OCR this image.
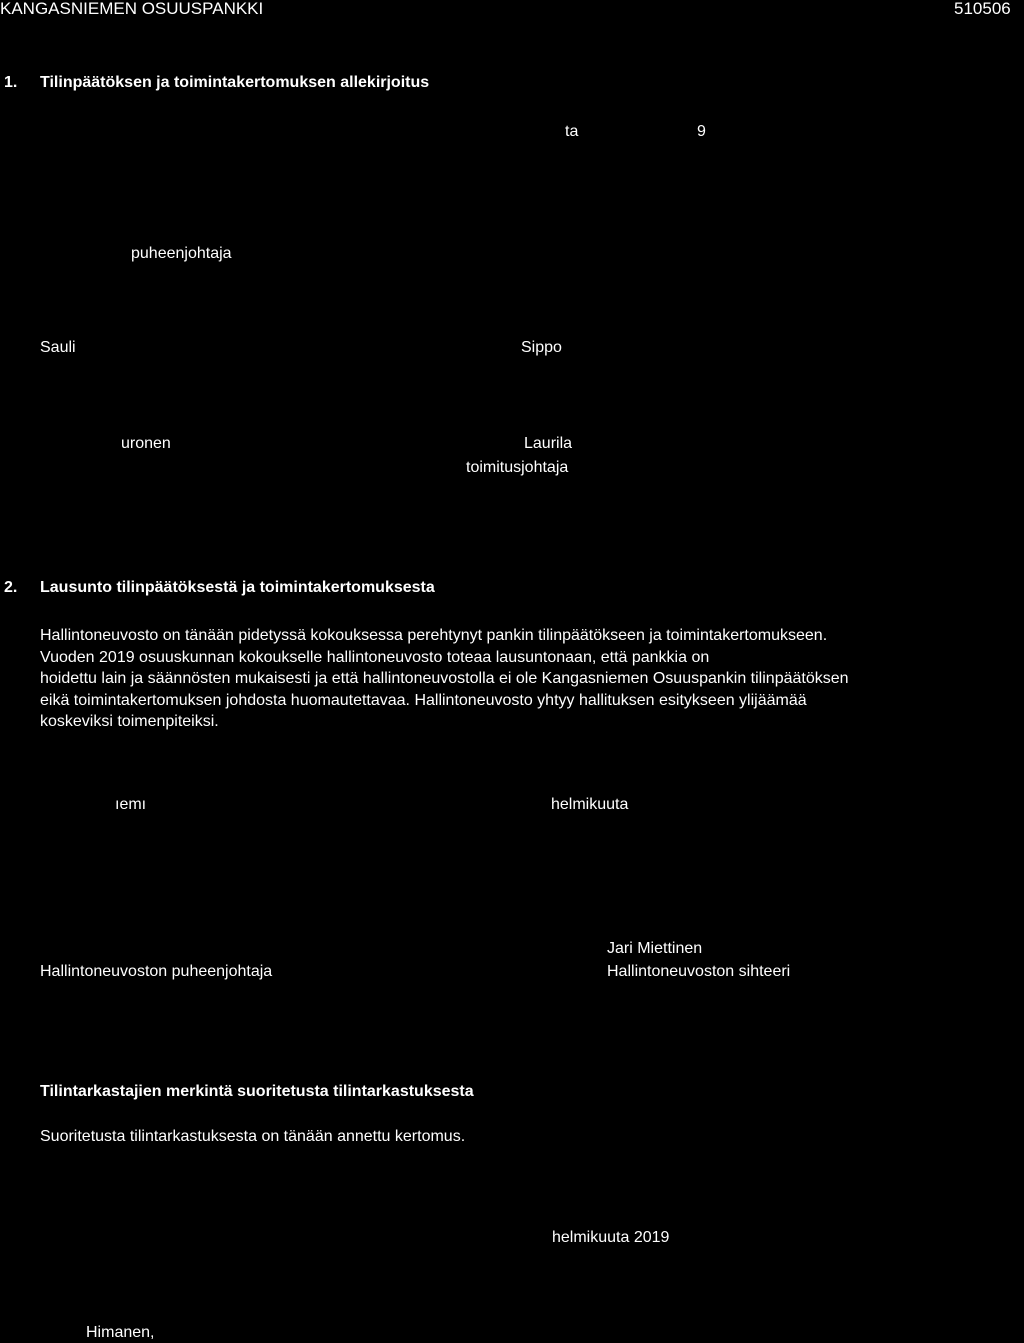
KANGASNIEMEN OSUUSPANKKI	510506
1. Tilinpäätöksen ja toimintakertomuksen allekirjoitus
ta	9
puheenjohtaja
Sauli	Sippo
uronen	Laurila
toimitusjohtaja
2. Lausunto tilinpäätöksestä ja toimintakertomuksesta
Hallintoneuvosto on tänään pidetyssä kokouksessa perehtynyt pankin tilinpäätökseen ja toimintakertomukseen.
Vuoden 2019 osuuskunnan kokoukselle hallintoneuvosto toteaa lausuntonaan, että pankkia on
hoidettu lain ja säännösten mukaisesti ja että hallintoneuvostolla ei ole Kangasniemen Osuuspankin tilinpäätöksen
eikä toimintakertomuksen johdosta huomautettavaa. Hallintoneuvosto yhtyy hallituksen esitykseen ylijäämää
koskeviksi toimenpiteiksi.
ıemı	helmikuuta
Jari Miettinen
Hallintoneuvoston puheenjohtaja	Hallintoneuvoston sihteeri
Tilintarkastajien merkintä suoritetusta tilintarkastuksesta
Suoritetusta tilintarkastuksesta on tänään annettu kertomus.
helmikuuta 2019
Himanen,
